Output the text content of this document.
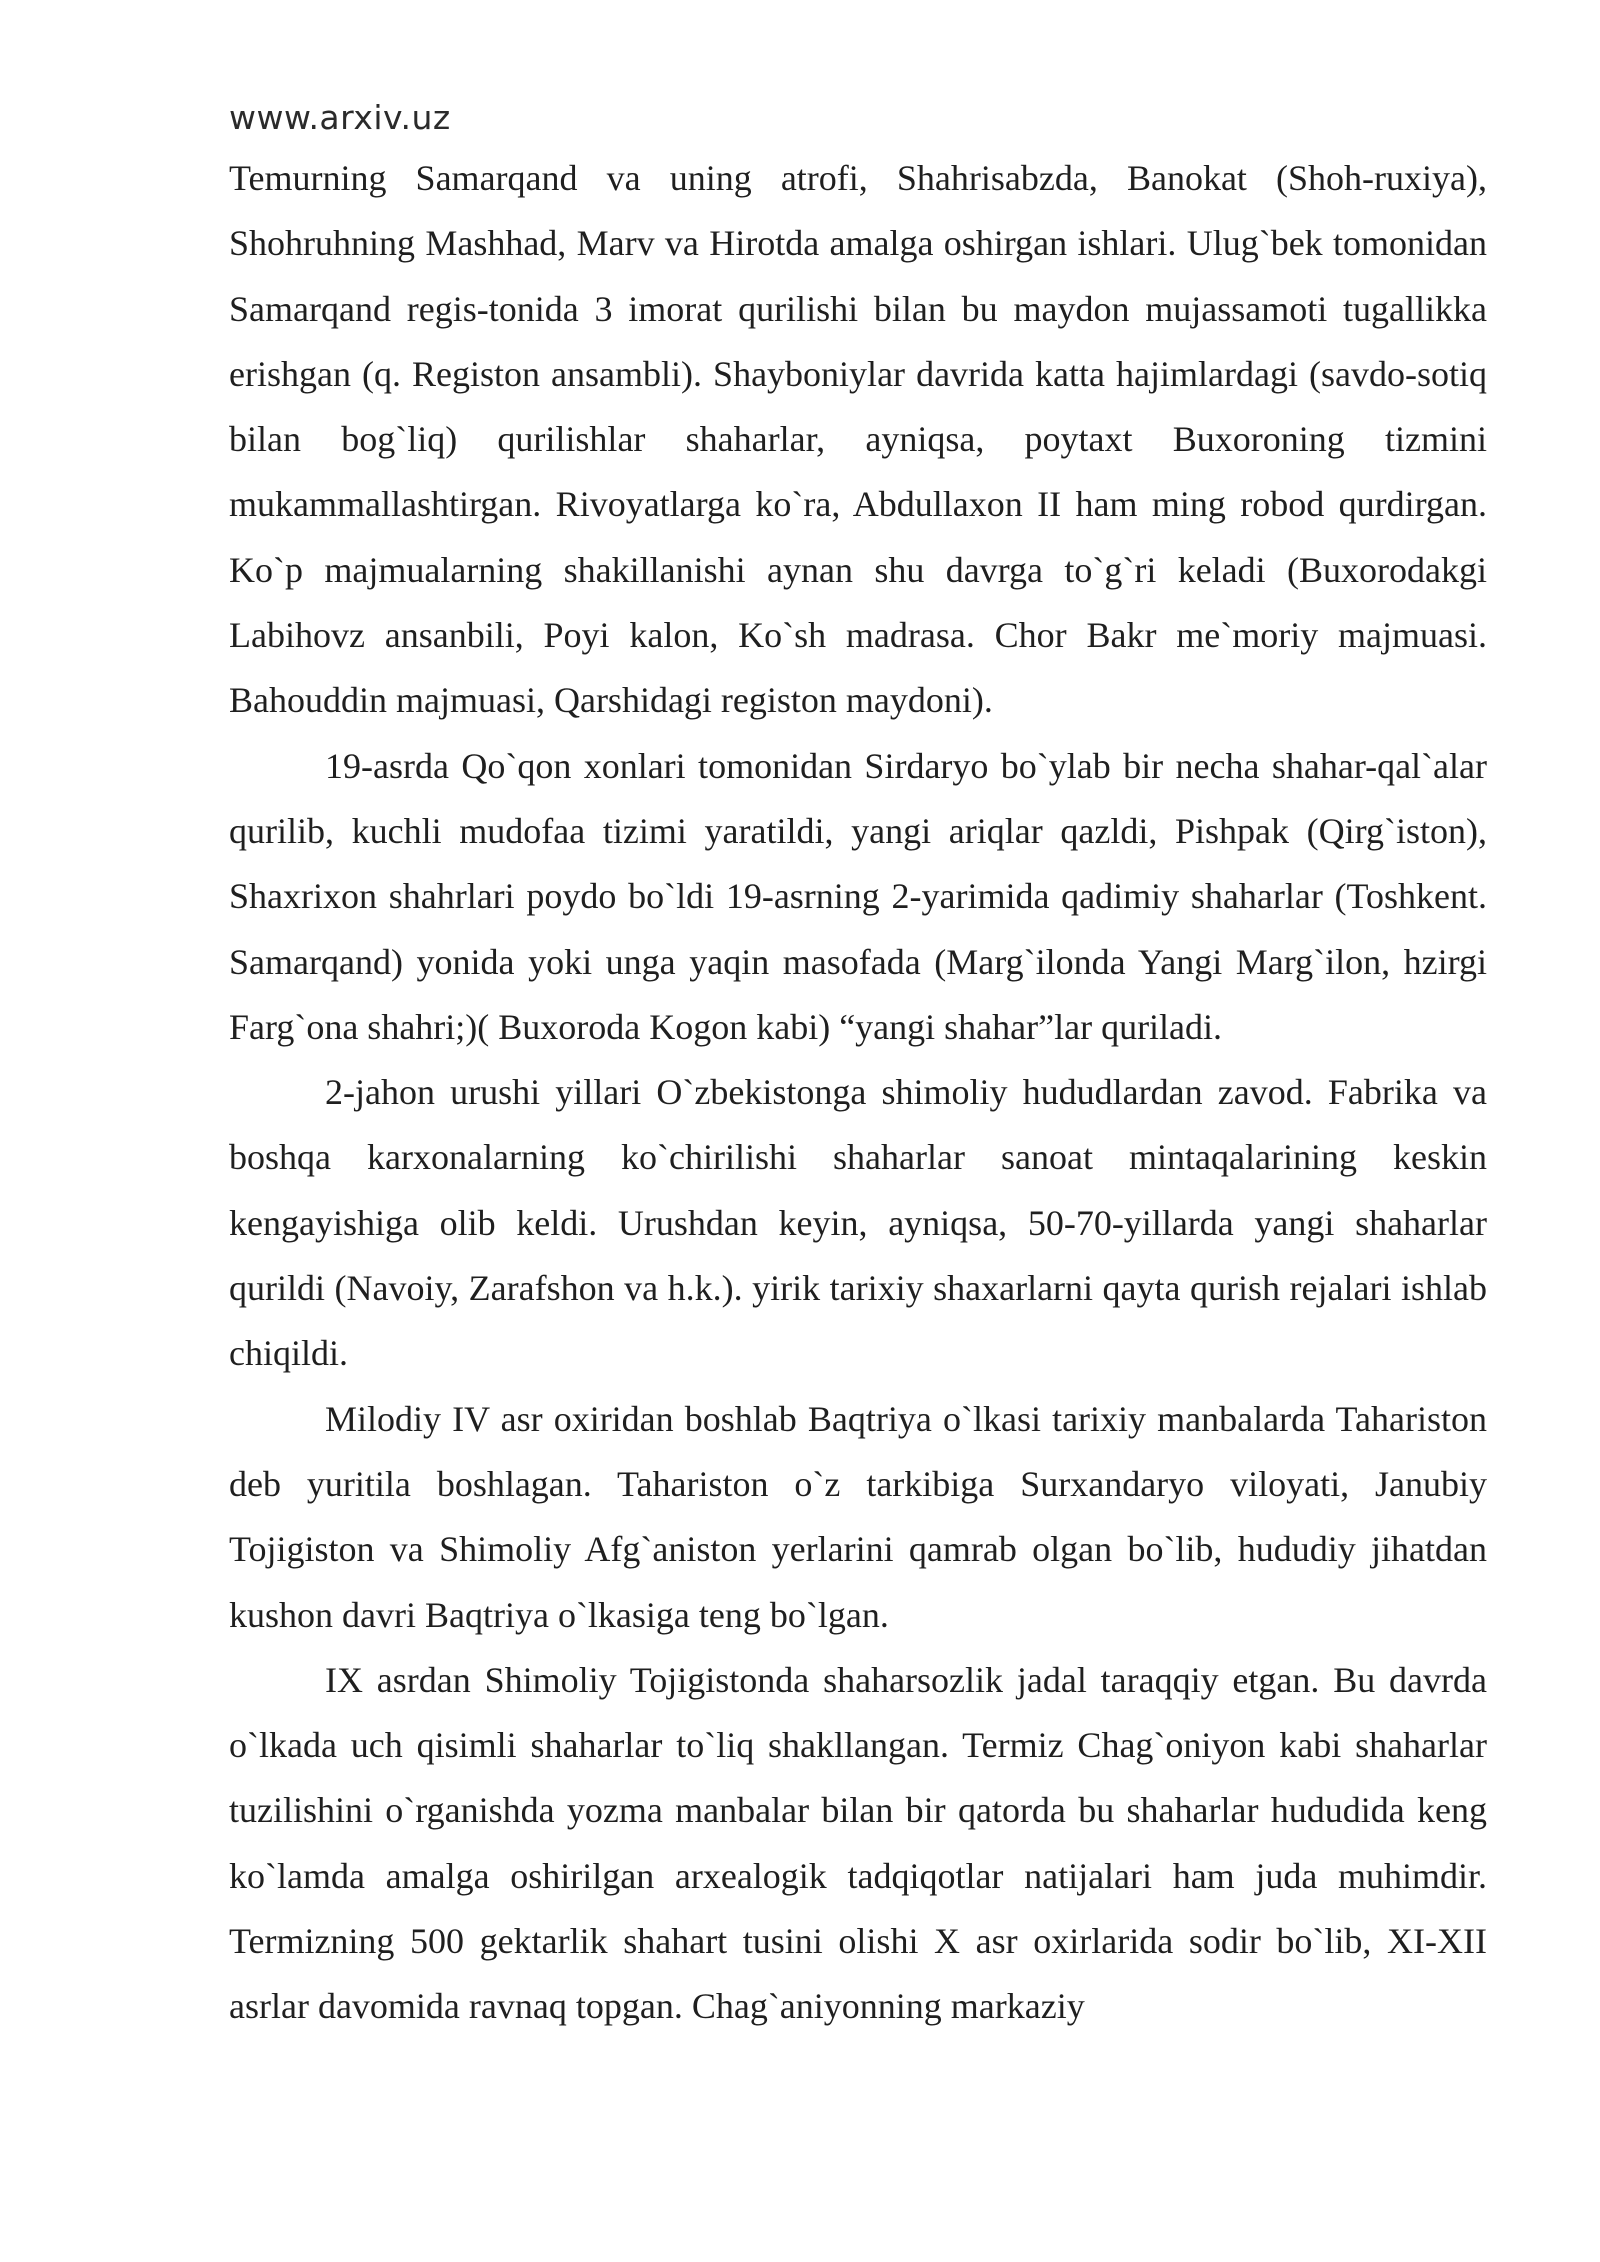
www.arxiv.uz

Temurning Samarqand va uning atrofi, Shahrisabzda, Banokat (Shoh-ruxiya), Shohruhning Mashhad, Marv va Hirotda amalga oshirgan ishlari. Ulug`bek tomonidan Samarqand regis-tonida 3 imorat qurilishi bilan bu maydon mujassamoti tugallikka erishgan (q. Registon ansambli). Shayboniylar davrida katta hajimlardagi (savdo-sotiq bilan bog`liq) qurilishlar shaharlar, ayniqsa, poytaxt Buxoroning tizmini mukammallashtirgan. Rivoyatlarga ko`ra, Abdullaxon II ham ming robod qurdirgan. Ko`p majmualarning shakillanishi aynan shu davrga to`g`ri keladi (Buxorodakgi Labihovz ansanbili, Poyi kalon, Ko`sh madrasa. Chor Bakr me`moriy majmuasi. Bahouddin majmuasi, Qarshidagi registon maydoni).

19-asrda Qo`qon xonlari tomonidan Sirdaryo bo`ylab bir necha shahar-qal`alar qurilib, kuchli mudofaa tizimi yaratildi, yangi ariqlar qazldi, Pishpak (Qirg`iston), Shaxrixon shahrlari poydo bo`ldi 19-asrning 2-yarimida qadimiy shaharlar (Toshkent. Samarqand) yonida yoki unga yaqin masofada (Marg`ilonda Yangi Marg`ilon, hzirgi Farg`ona shahri;)( Buxoroda Kogon kabi) “yangi shahar”lar quriladi.

2-jahon urushi yillari O`zbekistonga shimoliy hududlardan zavod. Fabrika va boshqa karxonalarning ko`chirilishi shaharlar sanoat mintaqalarining keskin kengayishiga olib keldi. Urushdan keyin, ayniqsa, 50-70-yillarda yangi shaharlar qurildi (Navoiy, Zarafshon va h.k.). yirik tarixiy shaxarlarni qayta qurish rejalari ishlab chiqildi.

Milodiy IV asr oxiridan boshlab Baqtriya o`lkasi tarixiy manbalarda Tahariston deb yuritila boshlagan. Tahariston o`z tarkibiga Surxandaryo viloyati, Janubiy Tojigiston va Shimoliy Afg`aniston yerlarini qamrab olgan bo`lib, hududiy jihatdan kushon davri Baqtriya o`lkasiga teng bo`lgan.

IX asrdan Shimoliy Tojigistonda shaharsozlik jadal taraqqiy etgan. Bu davrda o`lkada uch qisimli shaharlar to`liq shakllangan. Termiz Chag`oniyon kabi shaharlar tuzilishini o`rganishda yozma manbalar bilan bir qatorda bu shaharlar hududida keng ko`lamda amalga oshirilgan arxealogik tadqiqotlar natijalari ham juda muhimdir. Termizning 500 gektarlik shahart tusini olishi X asr oxirlarida sodir bo`lib, XI-XII asrlar davomida ravnaq topgan. Chag`aniyonning markaziy
